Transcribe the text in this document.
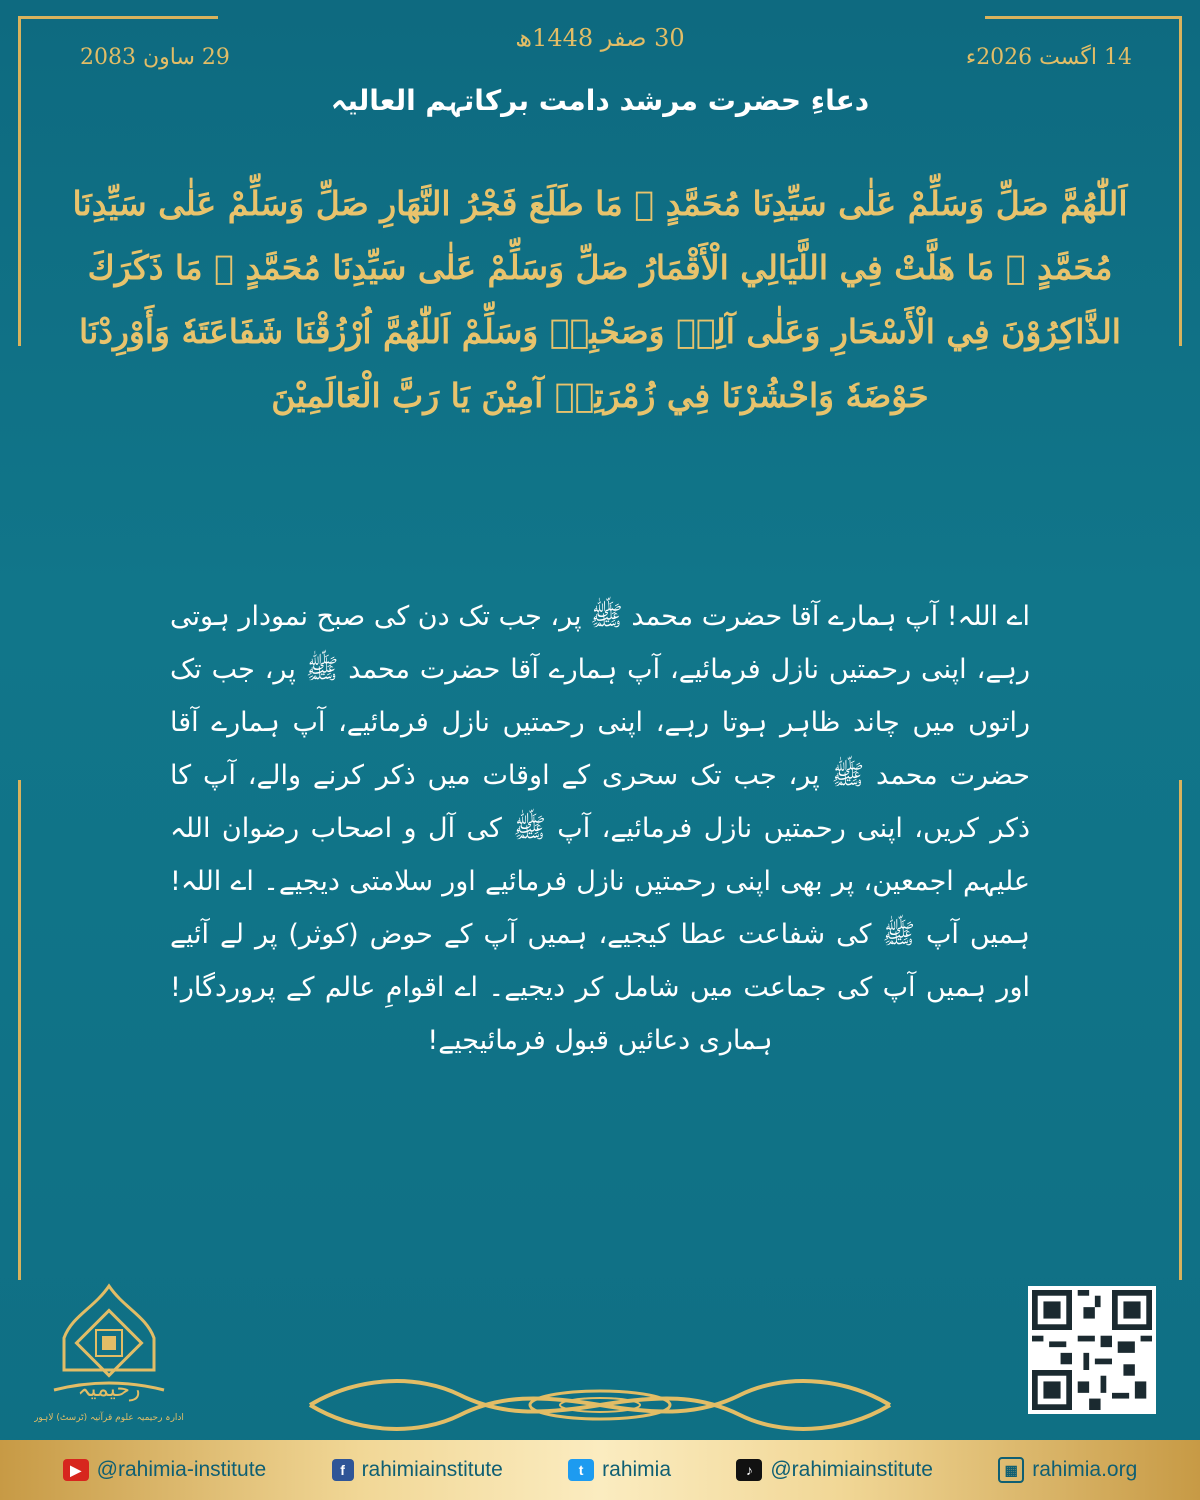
29 ساون 2083
30 صفر 1448ھ
14 اگست 2026ء
دعاءِ حضرت مرشد دامت برکاتہم العالیہ
اَللّٰهُمَّ صَلِّ وَسَلِّمْ عَلٰى سَيِّدِنَا مُحَمَّدٍ ﷺ مَا طَلَعَ فَجْرُ النَّهَارِ صَلِّ وَسَلِّمْ عَلٰى سَيِّدِنَا مُحَمَّدٍ ﷺ مَا هَلَّتْ فِي اللَّيَالِي الْأَقْمَارُ صَلِّ وَسَلِّمْ عَلٰى سَيِّدِنَا مُحَمَّدٍ ﷺ مَا ذَكَرَكَ الذَّاكِرُوْنَ فِي الْأَسْحَارِ وَعَلٰى آلِهٖ وَصَحْبِهٖ وَسَلِّمْ اَللّٰهُمَّ اُرْزُقْنَا شَفَاعَتَهٗ وَأَوْرِدْنَا حَوْضَهٗ وَاحْشُرْنَا فِي زُمْرَتِهٖ آمِيْنَ يَا رَبَّ الْعَالَمِيْنَ
اے اللہ! آپ ہمارے آقا حضرت محمد ﷺ پر، جب تک دن کی صبح نمودار ہوتی رہے، اپنی رحمتیں نازل فرمائیے، آپ ہمارے آقا حضرت محمد ﷺ پر، جب تک راتوں میں چاند ظاہر ہوتا رہے، اپنی رحمتیں نازل فرمائیے، آپ ہمارے آقا حضرت محمد ﷺ پر، جب تک سحری کے اوقات میں ذکر کرنے والے، آپ کا ذکر کریں، اپنی رحمتیں نازل فرمائیے، آپ ﷺ کی آل و اصحاب رضوان اللہ علیہم اجمعین، پر بھی اپنی رحمتیں نازل فرمائیے اور سلامتی دیجیے۔ اے اللہ! ہمیں آپ ﷺ کی شفاعت عطا کیجیے، ہمیں آپ کے حوض (کوثر) پر لے آئیے اور ہمیں آپ کی جماعت میں شامل کر دیجیے۔ اے اقوامِ عالم کے پروردگار! ہماری دعائیں قبول فرمائیجیے!
رحیمیہ
ادارہ رحیمیہ علوم قرآنیہ (ٹرسٹ) لاہور
▶ @rahimia-institute	f rahimiainstitute	t rahimia	♪ @rahimiainstitute	▦ rahimia.org
